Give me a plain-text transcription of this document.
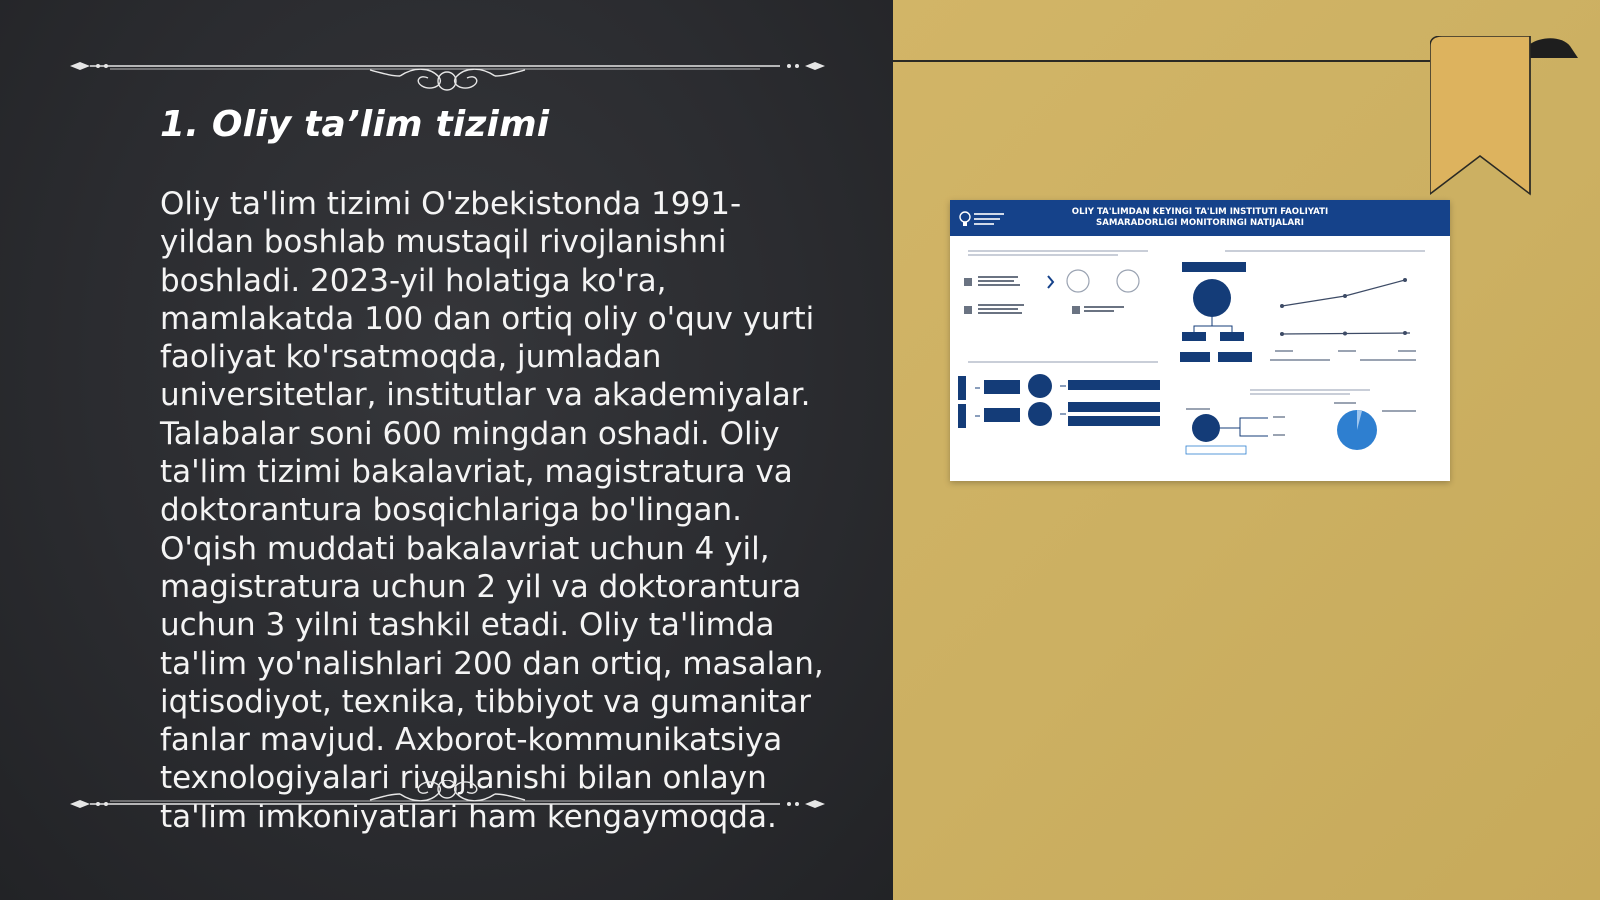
1. Oliy ta’lim tizimi

Oliy ta'lim tizimi O'zbekistonda 1991-yildan boshlab mustaqil rivojlanishni boshladi. 2023-yil holatiga ko'ra, mamlakatda 100 dan ortiq oliy o'quv yurti faoliyat ko'rsatmoqda, jumladan universitetlar, institutlar va akademiyalar. Talabalar soni 600 mingdan oshadi. Oliy ta'lim tizimi bakalavriat, magistratura va doktorantura bosqichlariga bo'lingan. O'qish muddati bakalavriat uchun 4 yil, magistratura uchun 2 yil va doktorantura uchun 3 yilni tashkil etadi. Oliy ta'limda ta'lim yo'nalishlari 200 dan ortiq, masalan, iqtisodiyot, texnika, tibbiyot va gumanitar fanlar mavjud. Axborot-kommunikatsiya texnologiyalari rivojlanishi bilan onlayn ta'lim imkoniyatlari ham kengaymoqda.

OLIY TA'LIMDAN KEYINGI TA'LIM INSTITUTI FAOLIYATI SAMARADORLIGI MONITORINGI NATIJALARI
